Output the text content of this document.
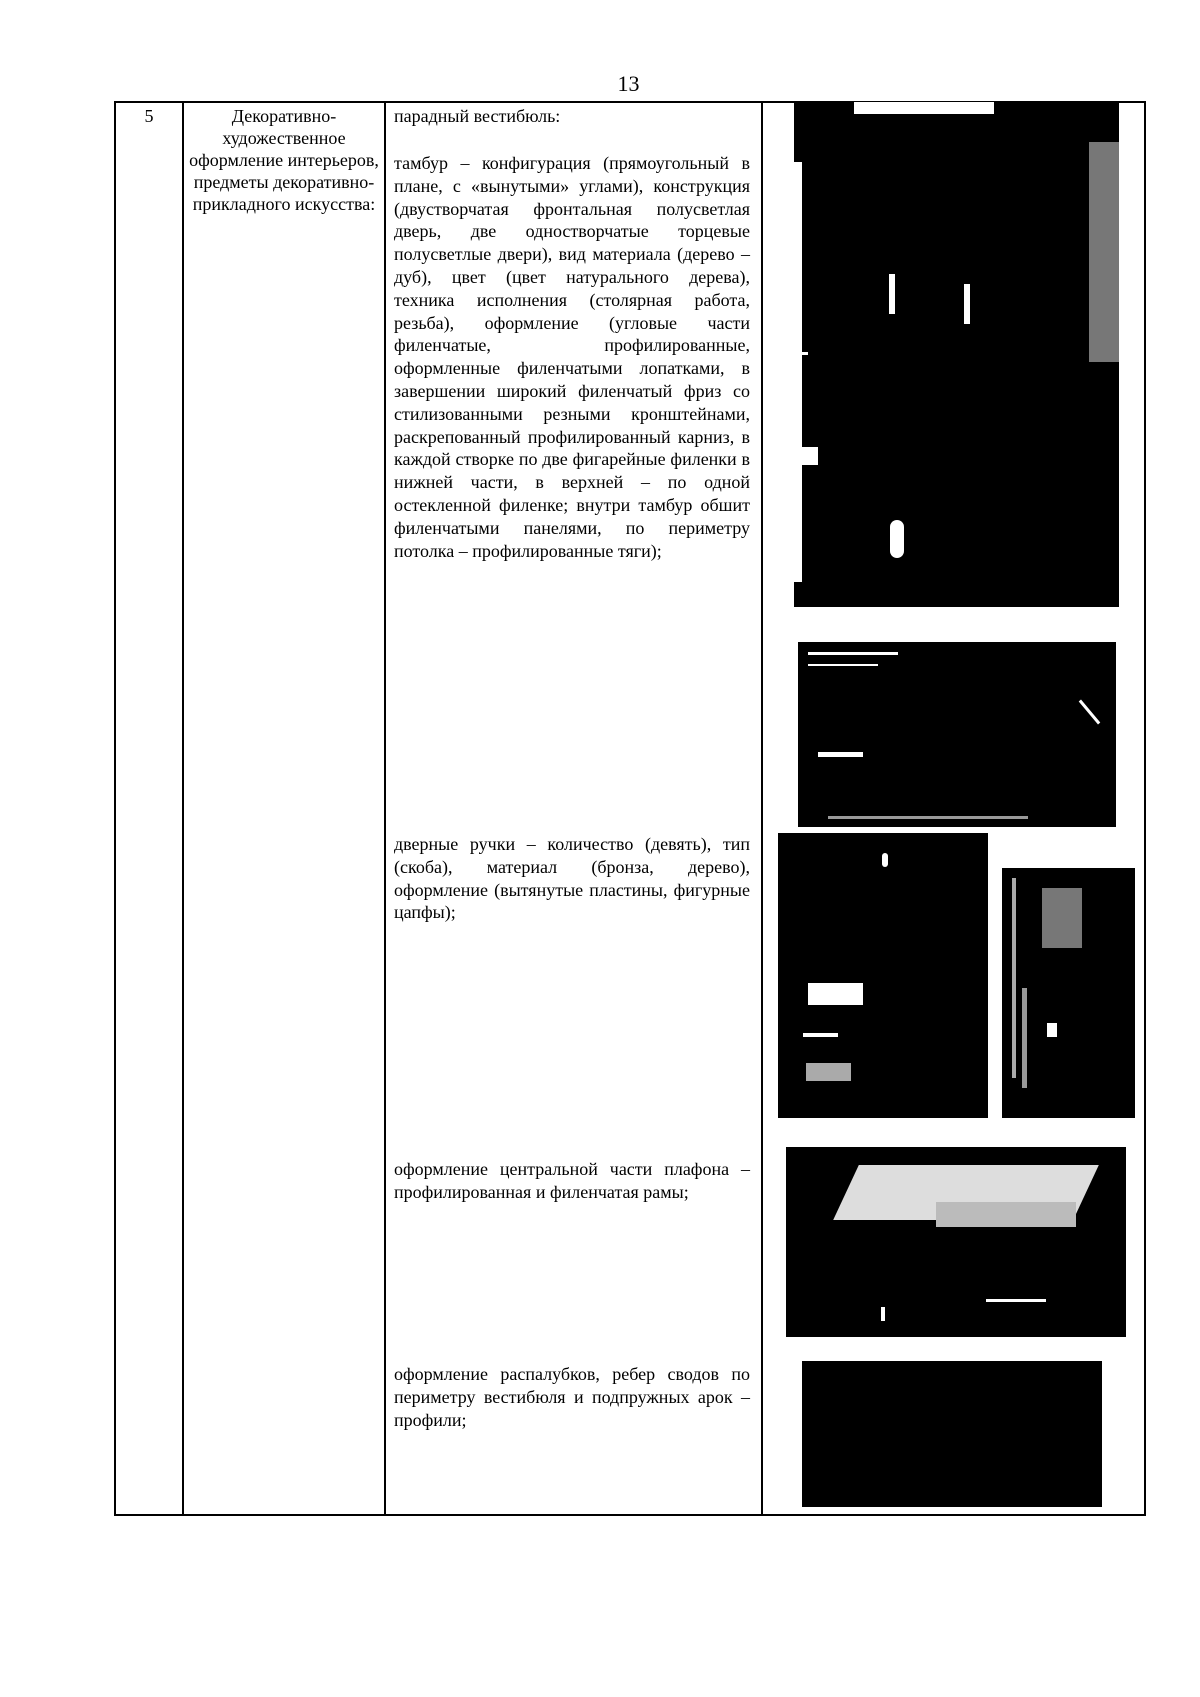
13
5	Декоративно-художественное оформление интерьеров, предметы декоративно-прикладного искусства:
парадный вестибюль:
тамбур – конфигурация (прямоугольный в плане, с «вынутыми» углами), конструкция (двустворчатая фронтальная полусветлая дверь, две одностворчатые торцевые полусветлые двери), вид материала (дерево – дуб), цвет (цвет натурального дерева), техника исполнения (столярная работа, резьба), оформление (угловые части филенчатые, профилированные, оформленные филенчатыми лопатками, в завершении широкий филенчатый фриз со стилизованными резными кронштейнами, раскрепованный профилированный карниз, в каждой створке по две фигарейные филенки в нижней части, в верхней – по одной остекленной филенке; внутри тамбур обшит филенчатыми панелями, по периметру потолка – профилированные тяги);
дверные ручки – количество (девять), тип (скоба), материал (бронза, дерево), оформление (вытянутые пластины, фигурные цапфы);
оформление центральной части плафона – профилированная и филенчатая рамы;
оформление распалубков, ребер сводов по периметру вестибюля и подпружных арок – профили;
